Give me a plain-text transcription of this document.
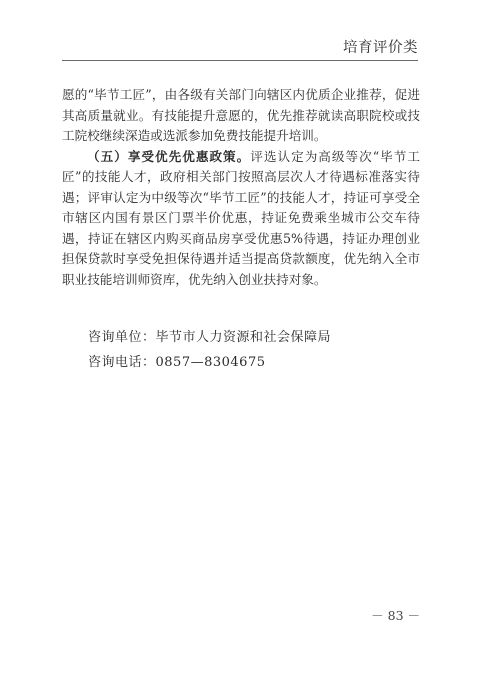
培育评价类

愿的“毕节工匠”，由各级有关部门向辖区内优质企业推荐，促进其高质量就业。有技能提升意愿的，优先推荐就读高职院校或技工院校继续深造或选派参加免费技能提升培训。

（五）享受优先优惠政策。评选认定为高级等次“毕节工匠”的技能人才，政府相关部门按照高层次人才待遇标准落实待遇；评审认定为中级等次“毕节工匠”的技能人才，持证可享受全市辖区内国有景区门票半价优惠，持证免费乘坐城市公交车待遇，持证在辖区内购买商品房享受优惠5%待遇，持证办理创业担保贷款时享受免担保待遇并适当提高贷款额度，优先纳入全市职业技能培训师资库，优先纳入创业扶持对象。

咨询单位：毕节市人力资源和社会保障局
咨询电话：0857—8304675
－ 83 －
